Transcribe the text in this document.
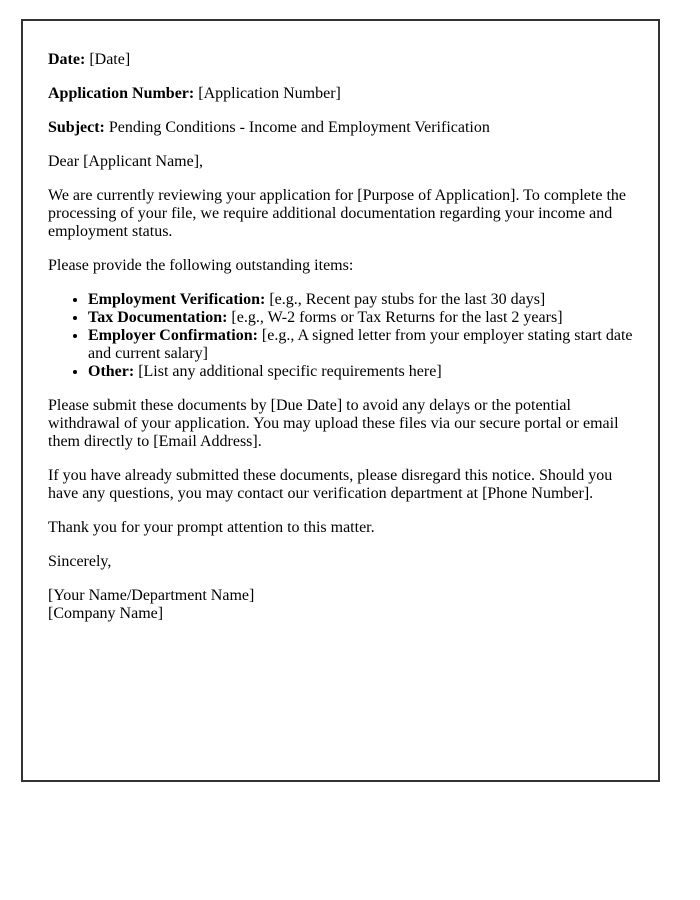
Date: [Date]

Application Number: [Application Number]

Subject: Pending Conditions - Income and Employment Verification

Dear [Applicant Name],

We are currently reviewing your application for [Purpose of Application]. To complete the processing of your file, we require additional documentation regarding your income and employment status.

Please provide the following outstanding items:

• Employment Verification: [e.g., Recent pay stubs for the last 30 days]
• Tax Documentation: [e.g., W-2 forms or Tax Returns for the last 2 years]
• Employer Confirmation: [e.g., A signed letter from your employer stating start date and current salary]
• Other: [List any additional specific requirements here]

Please submit these documents by [Due Date] to avoid any delays or the potential withdrawal of your application. You may upload these files via our secure portal or email them directly to [Email Address].

If you have already submitted these documents, please disregard this notice. Should you have any questions, you may contact our verification department at [Phone Number].

Thank you for your prompt attention to this matter.

Sincerely,

[Your Name/Department Name]
[Company Name]
